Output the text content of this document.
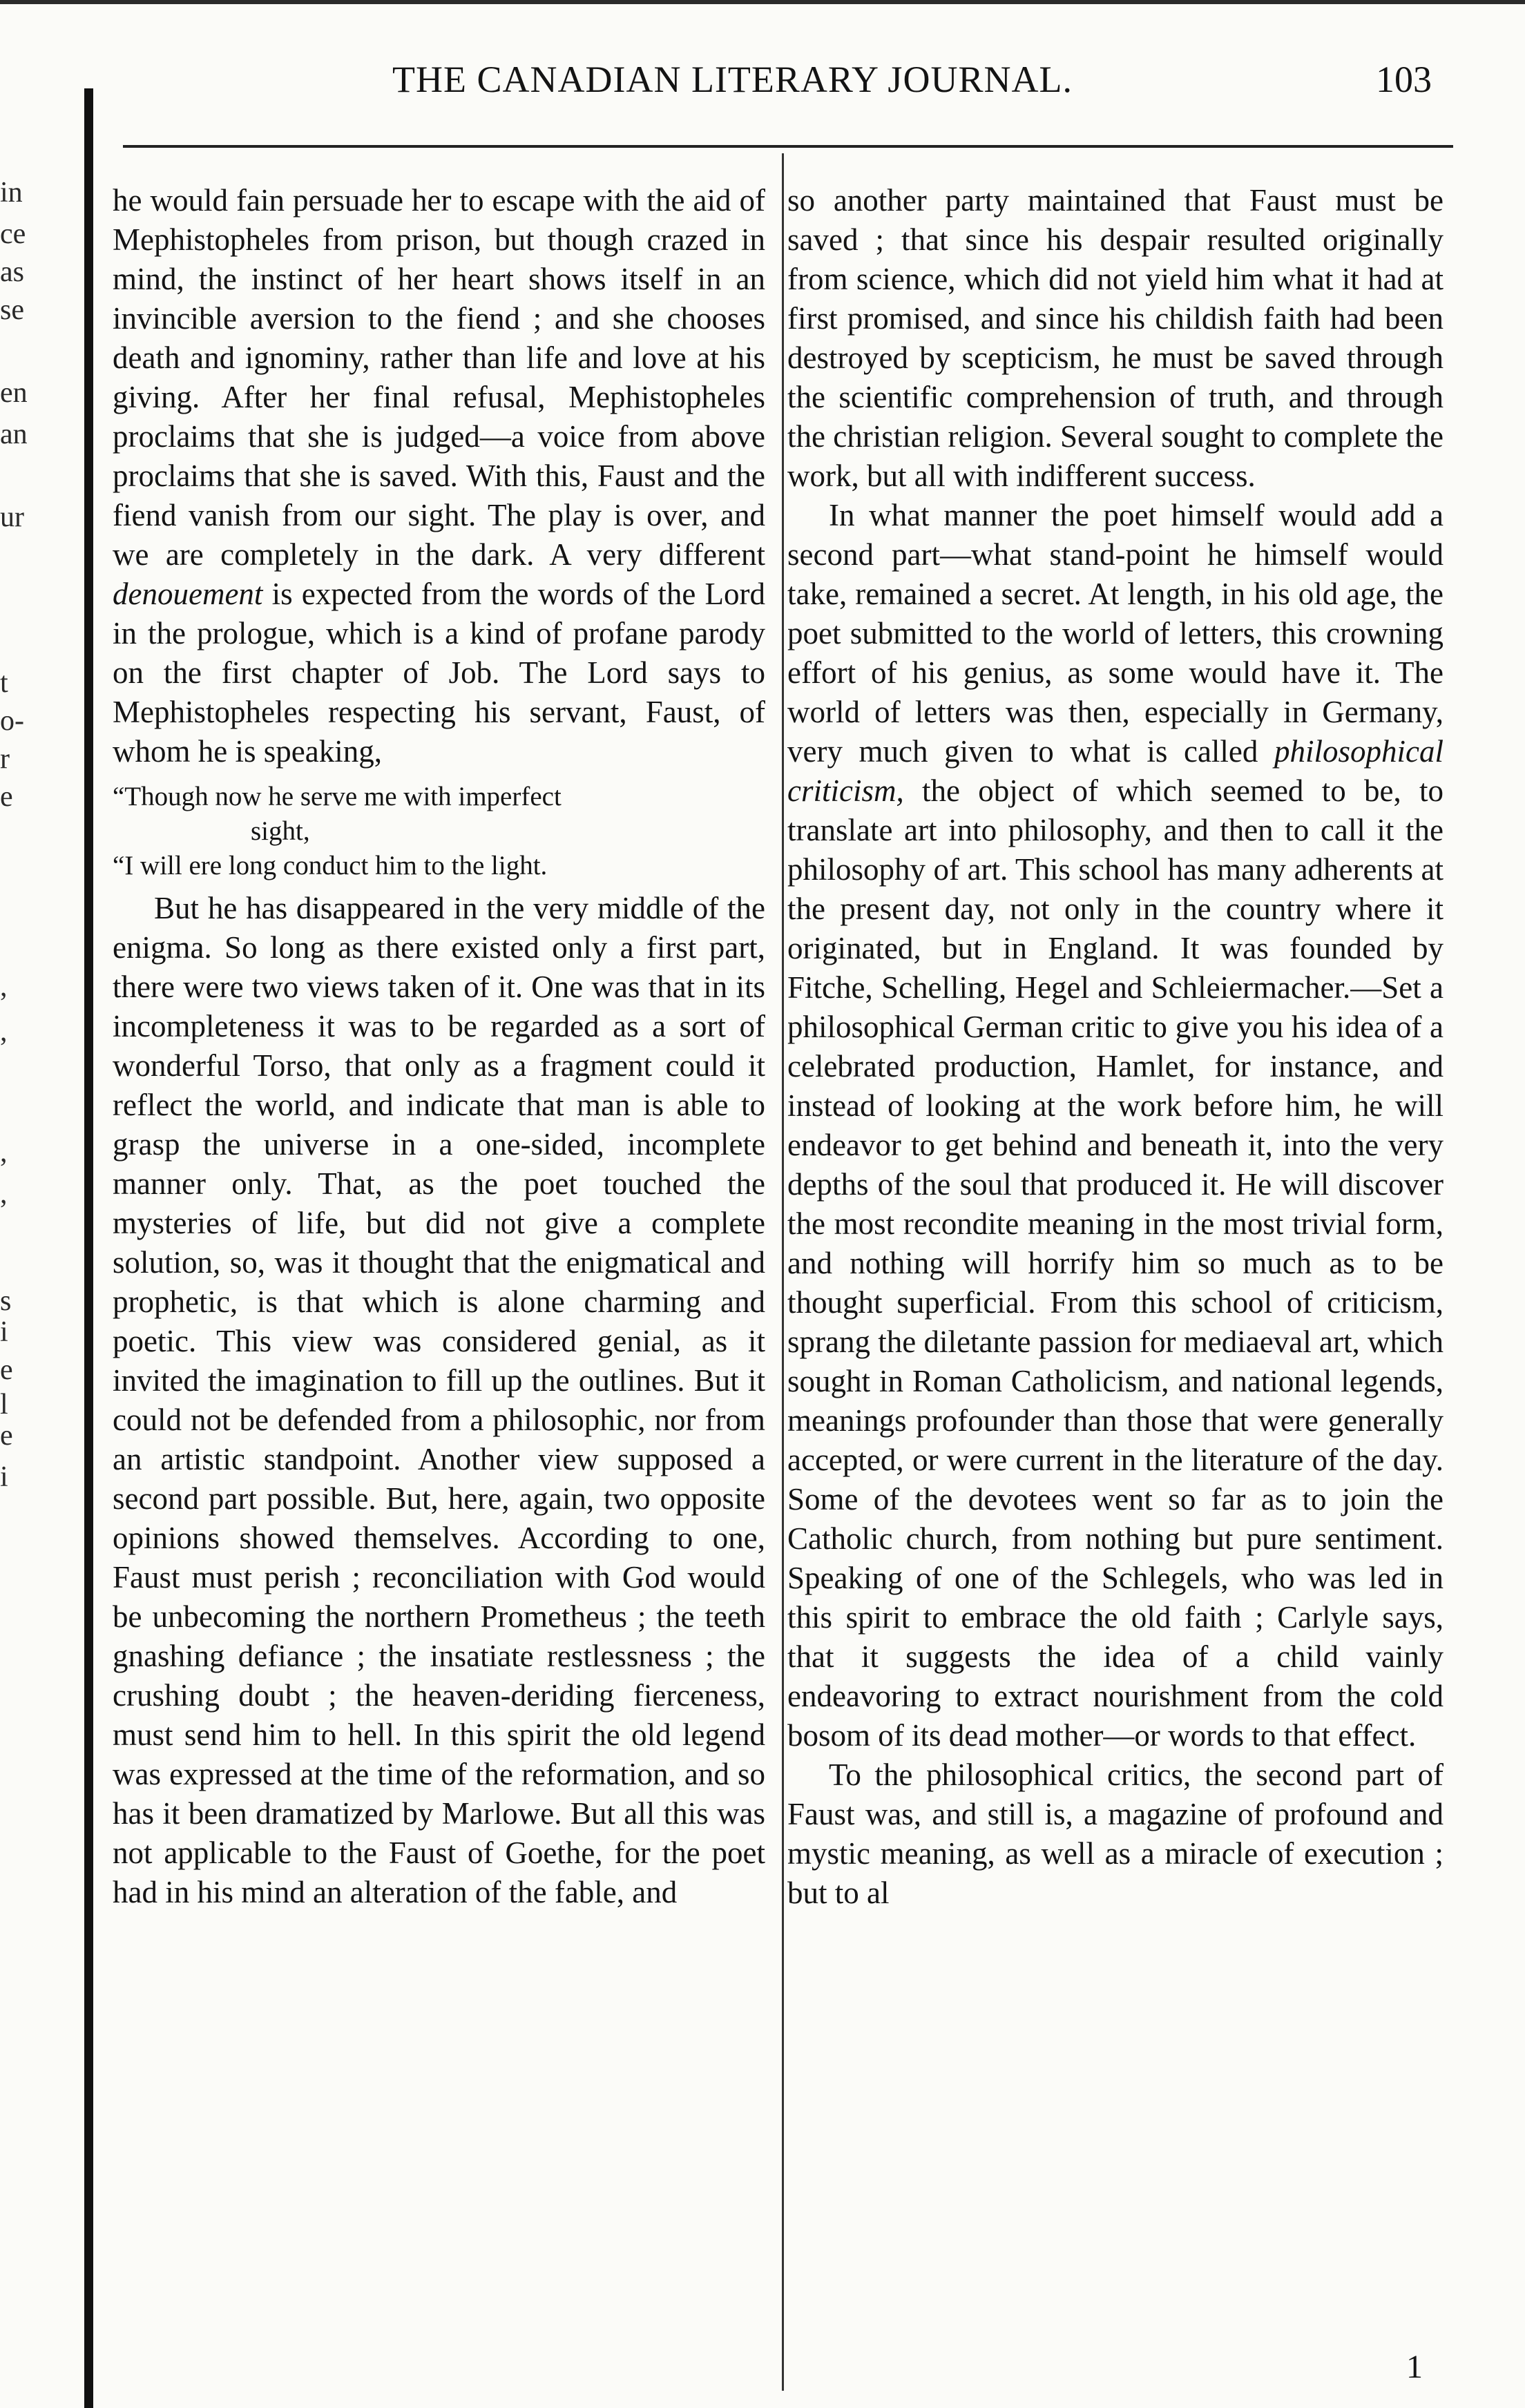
in
ce
as
se
en
an
ur
t
o-
r
e
,
,
,
,
s
i
e
l
e
i
THE CANADIAN LITERARY JOURNAL.	103

he would fain persuade her to escape with the aid of Mephistopheles from prison, but though crazed in mind, the instinct of her heart shows itself in an invincible aversion to the fiend ; and she chooses death and ignominy, rather than life and love at his giving. After her final refusal, Mephistopheles proclaims that she is judged—a voice from above proclaims that she is saved. With this, Faust and the fiend vanish from our sight. The play is over, and we are completely in the dark. A very different denouement is expected from the words of the Lord in the prologue, which is a kind of profane parody on the first chapter of Job. The Lord says to Mephistopheles respecting his servant, Faust, of whom he is speaking,

“Though now he serve me with imperfect
sight,
“I will ere long conduct him to the light.

But he has disappeared in the very middle of the enigma. So long as there existed only a first part, there were two views taken of it. One was that in its incompleteness it was to be regarded as a sort of wonderful Torso, that only as a fragment could it reflect the world, and indicate that man is able to grasp the universe in a one-sided, incomplete manner only. That, as the poet touched the mysteries of life, but did not give a complete solution, so, was it thought that the enigmatical and prophetic, is that which is alone charming and poetic. This view was considered genial, as it invited the imagination to fill up the outlines. But it could not be defended from a philosophic, nor from an artistic standpoint. Another view supposed a second part possible. But, here, again, two opposite opinions showed themselves. According to one, Faust must perish ; reconciliation with God would be unbecoming the northern Prometheus ; the teeth gnashing defiance ; the insatiate restlessness ; the crushing doubt ; the heaven-deriding fierceness, must send him to hell. In this spirit the old legend was expressed at the time of the reformation, and so has it been dramatized by Marlowe. But all this was not applicable to the Faust of Goethe, for the poet had in his mind an alteration of the fable, and

so another party maintained that Faust must be saved ; that since his despair resulted originally from science, which did not yield him what it had at first promised, and since his childish faith had been destroyed by scepticism, he must be saved through the scientific comprehension of truth, and through the christian religion. Several sought to complete the work, but all with indifferent success.

In what manner the poet himself would add a second part—what stand-point he himself would take, remained a secret. At length, in his old age, the poet submitted to the world of letters, this crowning effort of his genius, as some would have it. The world of letters was then, especially in Germany, very much given to what is called philosophical criticism, the object of which seemed to be, to translate art into philosophy, and then to call it the philosophy of art. This school has many adherents at the present day, not only in the country where it originated, but in England. It was founded by Fitche, Schelling, Hegel and Schleiermacher.—Set a philosophical German critic to give you his idea of a celebrated production, Hamlet, for instance, and instead of looking at the work before him, he will endeavor to get behind and beneath it, into the very depths of the soul that produced it. He will discover the most recondite meaning in the most trivial form, and nothing will horrify him so much as to be thought superficial. From this school of criticism, sprang the diletante passion for mediaeval art, which sought in Roman Catholicism, and national legends, meanings profounder than those that were generally accepted, or were current in the literature of the day. Some of the devotees went so far as to join the Catholic church, from nothing but pure sentiment. Speaking of one of the Schlegels, who was led in this spirit to embrace the old faith ; Carlyle says, that it suggests the idea of a child vainly endeavoring to extract nourishment from the cold bosom of its dead mother—or words to that effect.

To the philosophical critics, the second part of Faust was, and still is, a magazine of profound and mystic meaning, as well as a miracle of execution ; but to al

1
